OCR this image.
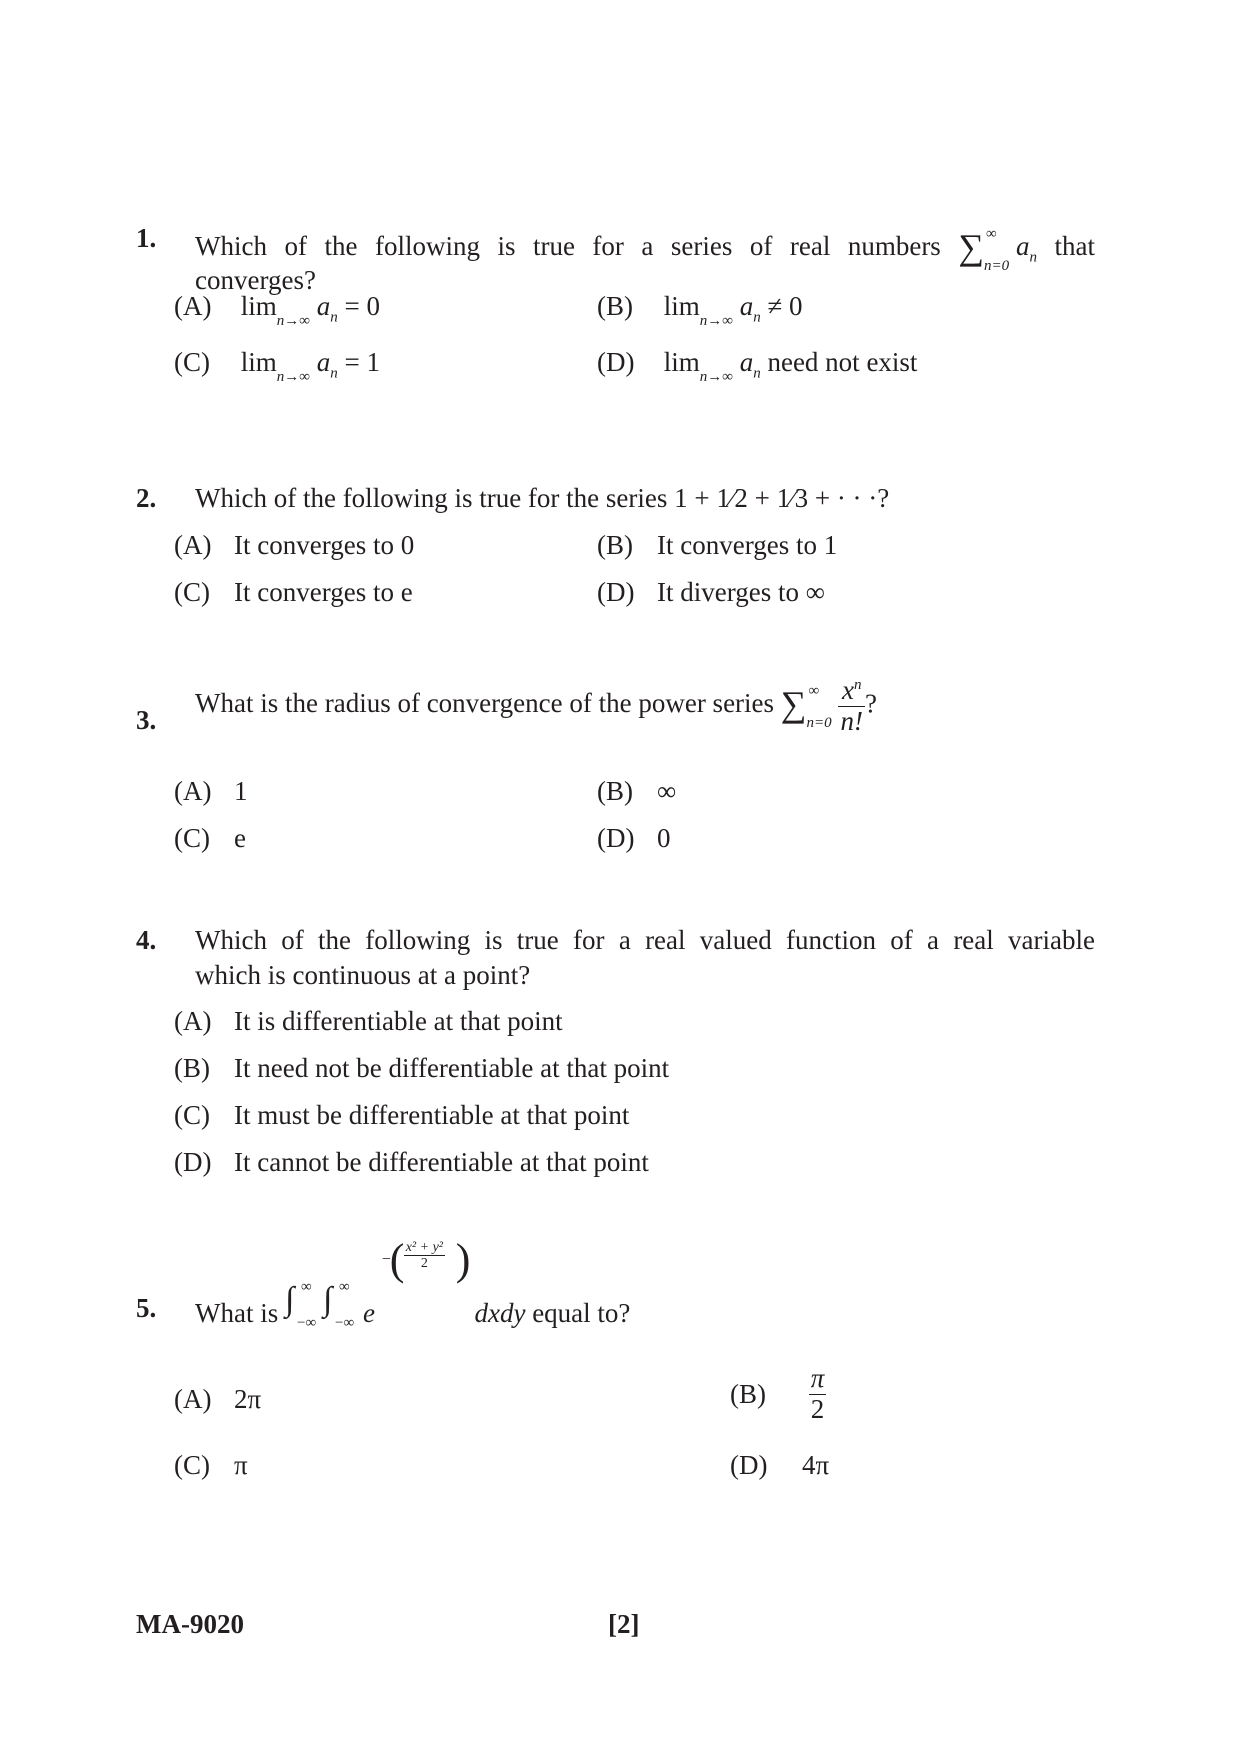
1. Which of the following is true for a series of real numbers ∑ ∞
n=0
$a_n$ that
converges?
(A) $\lim_{n\to\infty} a_n = 0$	(B) $\lim_{n\to\infty} a_n \ne 0$
(C) $\lim_{n\to\infty} a_n = 1$	(D) $\lim_{n\to\infty} a_n$ need not exist
2. Which of the following is true for the series 1 + 1⁄2 + 1⁄3 + · · ·?
(A) It converges to 0	(B) It converges to 1
(C) It converges to e	(D) It diverges to ∞
3.
What is the radius of convergence of the power series ∑ ∞
$n=0 \frac{x^n}{n!}$ ?
(A) 1	(B) ∞
(C) e	(D) 0
4. Which of the following is true for a real valued function of a real variable
which is continuous at a point?
(A) It is differentiable at that point
(B) It need not be differentiable at that point
(C) It must be differentiable at that point
(D) It cannot be differentiable at that point
5. What is ∫ ∞
−∞
∫ ∞
−∞ e
−
( x² + y²
2 )
dxdy equal to?
(A) 2π	$(B) \frac{\pi}{2}$
(C) π	(D) 4π
MA-9020	[2]
